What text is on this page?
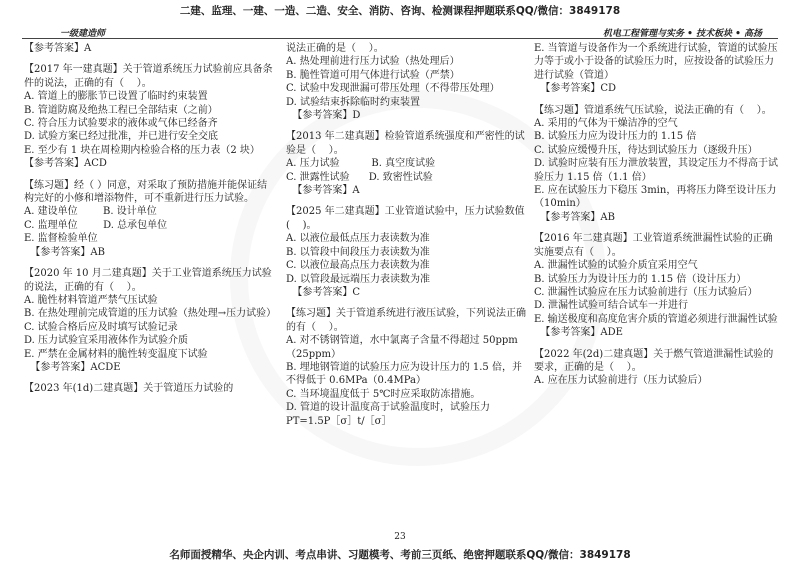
二建、监理、一建、一造、二造、安全、消防、咨询、检测课程押题联系QQ/微信：3849178
一级建造师	机电工程管理与实务 • 技术板块 • 高扬

【参考答案】A

【2017 年一建真题】关于管道系统压力试验前应具备条件的说法，正确的有（    ）。

A. 管道上的膨胀节已设置了临时约束装置

B. 管道防腐及绝热工程已全部结束（之前）

C. 符合压力试验要求的液体或气体已经备齐

D. 试验方案已经过批准，并已进行安全交底

E. 至少有 1 块在周检期内检验合格的压力表（2 块）

【参考答案】ACD

【练习题】经（ ）同意，对采取了预防措施并能保证结构完好的小修和增添物件，可不重新进行压力试验。

A. 建设单位        B. 设计单位

C. 监理单位        D. 总承包单位

E. 监督检验单位

【参考答案】AB

【2020 年 10 月二建真题】关于工业管道系统压力试验的说法，正确的有（    ）。

A. 脆性材料管道严禁气压试验

B. 在热处理前完成管道的压力试验（热处理→压力试验）

C. 试验合格后应及时填写试验记录

D. 压力试验宜采用液体作为试验介质

E. 严禁在金属材料的脆性转变温度下试验

【参考答案】ACDE

【2023 年(1d)二建真题】关于管道压力试验的

说法正确的是（    ）。

A. 热处理前进行压力试验（热处理后）

B. 脆性管道可用气体进行试验（严禁）

C. 试验中发现泄漏可带压处理（不得带压处理）

D. 试验结束拆除临时约束装置

【参考答案】D

【2013 年二建真题】检验管道系统强度和严密性的试验是（    ）。

A. 压力试验          B. 真空度试验

C. 泄露性试验      D. 致密性试验

【参考答案】A

【2025 年二建真题】工业管道试验中，压力试验数值(    )。

A. 以液位最低点压力表读数为准

B. 以管段中间段压力表读数为准

C. 以液位最高点压力表读数为准

D. 以管段最远端压力表读数为准

【参考答案】C

【练习题】关于管道系统进行液压试验，下列说法正确的有（    ）。

A. 对不锈钢管道，水中氯离子含量不得超过 50ppm（25ppm）

B. 埋地钢管道的试验压力应为设计压力的 1.5 倍，并不得低于 0.6MPa（0.4MPa）

C. 当环境温度低于 5℃时应采取防冻措施。

D. 管道的设计温度高于试验温度时，试验压力 PT=1.5P［σ］t/［σ］

E. 当管道与设备作为一个系统进行试验，管道的试验压力等于或小于设备的试验压力时，应按设备的试验压力进行试验（管道）

【参考答案】CD

【练习题】管道系统气压试验，说法正确的有（    ）。

A. 采用的气体为干燥洁净的空气

B. 试验压力应为设计压力的 1.15 倍

C. 试验应缓慢升压，待达到试验压力（逐级升压）

D. 试验时应装有压力泄放装置，其设定压力不得高于试验压力 1.15 倍（1.1 倍）

E. 应在试验压力下稳压 3min，再将压力降至设计压力（10min）

【参考答案】AB

【2016 年二建真题】工业管道系统泄漏性试验的正确实施要点有（    ）。

A. 泄漏性试验的试验介质宜采用空气

B. 试验压力为设计压力的 1.15 倍（设计压力）

C. 泄漏性试验应在压力试验前进行（压力试验后）

D. 泄漏性试验可结合试车一并进行

E. 输送极度和高度危害介质的管道必须进行泄漏性试验

【参考答案】ADE

【2022 年(2d)二建真题】关于燃气管道泄漏性试验的要求，正确的是（    ）。

A. 应在压力试验前进行（压力试验后）

23
名师面授精华、央企内训、考点串讲、习题模考、考前三页纸、绝密押题联系QQ/微信：3849178
